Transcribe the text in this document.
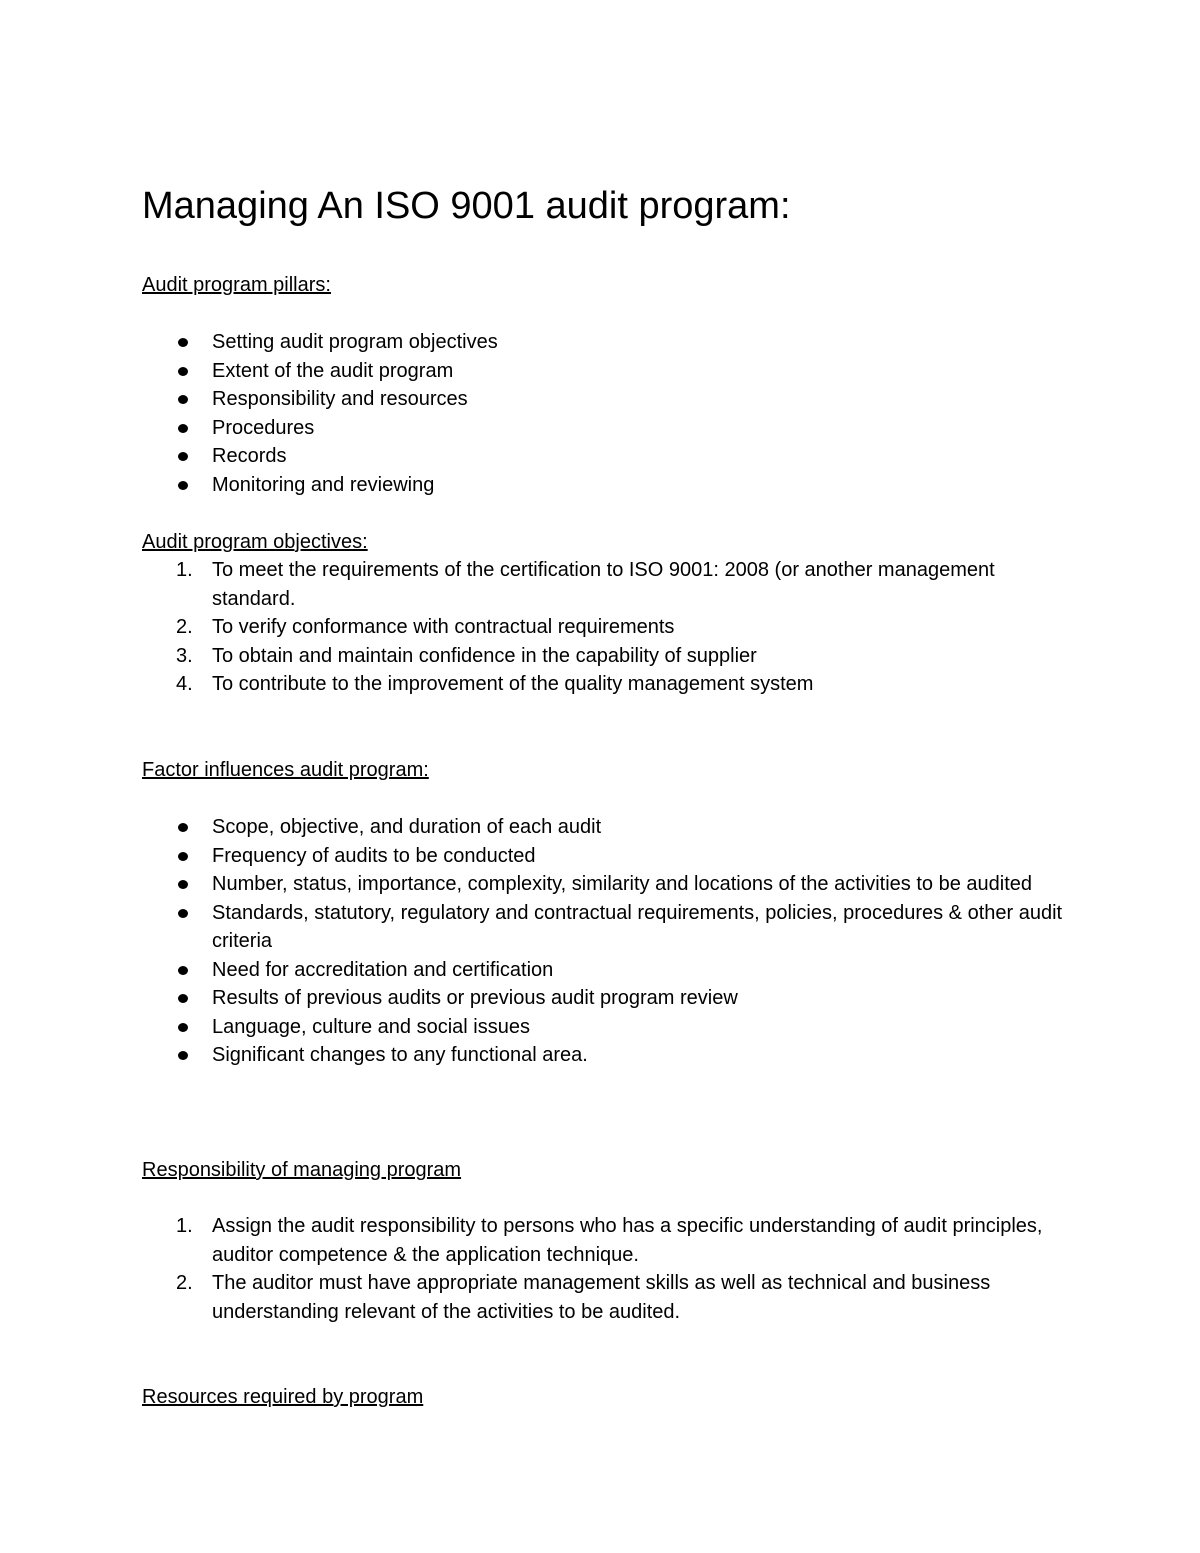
Managing An ISO 9001 audit program:
Audit program pillars:
Setting audit program objectives
Extent of the audit program
Responsibility and resources
Procedures
Records
Monitoring and reviewing
Audit program objectives:
1. To meet the requirements of the certification to ISO 9001: 2008 (or another management standard.
2. To verify conformance with contractual requirements
3. To obtain and maintain confidence in the capability of supplier
4. To contribute to the improvement of the quality management system
Factor influences audit program:
Scope, objective, and duration of each audit
Frequency of audits to be conducted
Number, status, importance, complexity, similarity and locations of the activities to be audited
Standards, statutory, regulatory and contractual requirements, policies, procedures & other audit criteria
Need for accreditation and certification
Results of previous audits or previous audit program review
Language, culture and social issues
Significant changes to any functional area.
Responsibility of managing program
1. Assign the audit responsibility to persons who has a specific understanding of audit principles, auditor competence & the application technique.
2. The auditor must have appropriate management skills as well as technical and business understanding relevant of the activities to be audited.
Resources required by program
